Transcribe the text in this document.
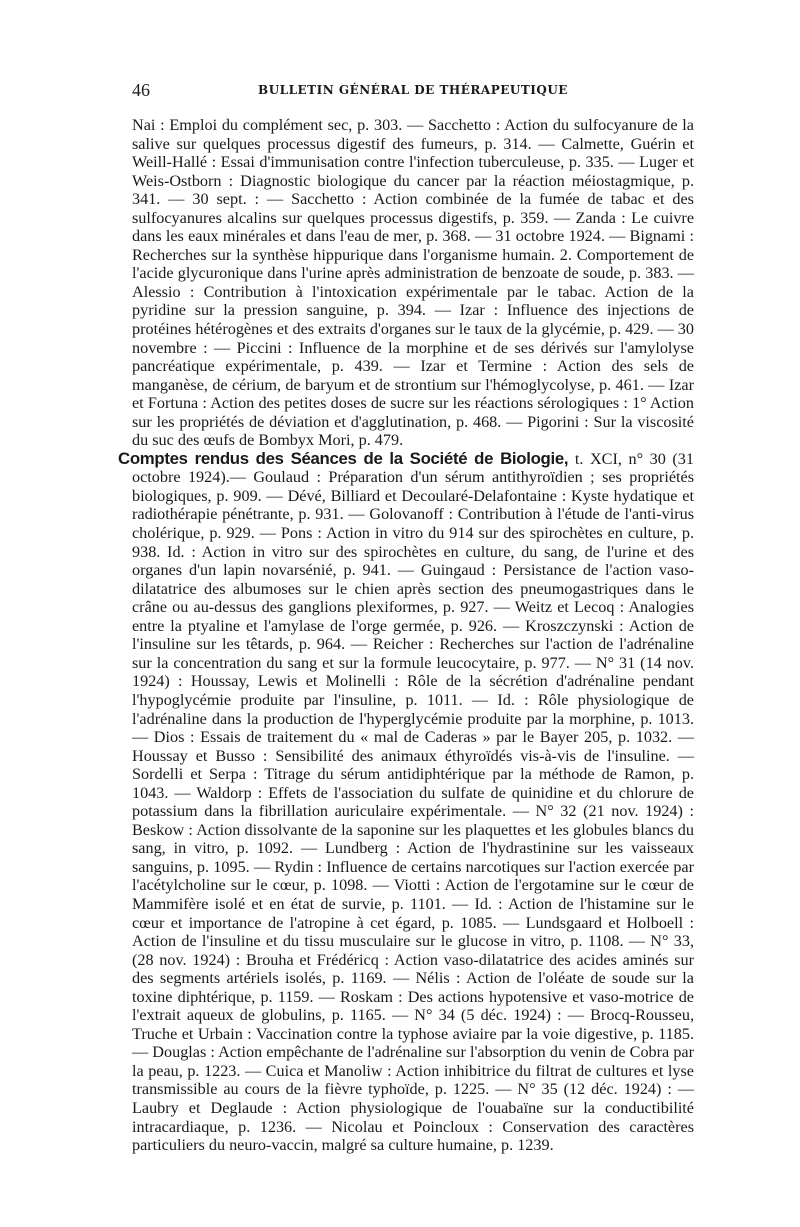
46	BULLETIN GÉNÉRAL DE THÉRAPEUTIQUE

Nai : Emploi du complément sec, p. 303. — Sacchetto : Action du sulfocyanure de la salive sur quelques processus digestif des fumeurs, p. 314. — Calmette, Guérin et Weill-Hallé : Essai d'immunisation contre l'infection tuberculeuse, p. 335. — Luger et Weis-Ostborn : Diagnostic biologique du cancer par la réaction méiostagmique, p. 341. — 30 sept. : — Sacchetto : Action combinée de la fumée de tabac et des sulfocyanures alcalins sur quelques processus digestifs, p. 359. — Zanda : Le cuivre dans les eaux minérales et dans l'eau de mer, p. 368. — 31 octobre 1924. — Bignami : Recherches sur la synthèse hippurique dans l'organisme humain. 2. Comportement de l'acide glycuronique dans l'urine après administration de benzoate de soude, p. 383. — Alessio : Contribution à l'intoxication expérimentale par le tabac. Action de la pyridine sur la pression sanguine, p. 394. — Izar : Influence des injections de protéines hétérogènes et des extraits d'organes sur le taux de la glycémie, p. 429. — 30 novembre : — Piccini : Influence de la morphine et de ses dérivés sur l'amylolyse pancréatique expérimentale, p. 439. — Izar et Termine : Action des sels de manganèse, de cérium, de baryum et de strontium sur l'hémoglycolyse, p. 461. — Izar et Fortuna : Action des petites doses de sucre sur les réactions sérologiques : 1° Action sur les propriétés de déviation et d'agglutination, p. 468. — Pigorini : Sur la viscosité du suc des œufs de Bombyx Mori, p. 479.

Comptes rendus des Séances de la Société de Biologie, t. XCI, n° 30 (31 octobre 1924).— Goulaud : Préparation d'un sérum antithyroïdien ; ses propriétés biologiques, p. 909. — Dévé, Billiard et Decoularé-Delafontaine : Kyste hydatique et radiothérapie pénétrante, p. 931. — Golovanoff : Contribution à l'étude de l'anti-virus cholérique, p. 929. — Pons : Action in vitro du 914 sur des spirochètes en culture, p. 938. Id. : Action in vitro sur des spirochètes en culture, du sang, de l'urine et des organes d'un lapin novarsénié, p. 941. — Guingaud : Persistance de l'action vaso-dilatatrice des albumoses sur le chien après section des pneumogastriques dans le crâne ou au-dessus des ganglions plexiformes, p. 927. — Weitz et Lecoq : Analogies entre la ptyaline et l'amylase de l'orge germée, p. 926. — Kroszczynski : Action de l'insuline sur les têtards, p. 964. — Reicher : Recherches sur l'action de l'adrénaline sur la concentration du sang et sur la formule leucocytaire, p. 977. — N° 31 (14 nov. 1924) : Houssay, Lewis et Molinelli : Rôle de la sécrétion d'adrénaline pendant l'hypoglycémie produite par l'insuline, p. 1011. — Id. : Rôle physiologique de l'adrénaline dans la production de l'hyperglycémie produite par la morphine, p. 1013. — Dios : Essais de traitement du « mal de Caderas » par le Bayer 205, p. 1032. — Houssay et Busso : Sensibilité des animaux éthyroïdés vis-à-vis de l'insuline. — Sordelli et Serpa : Titrage du sérum antidiphtérique par la méthode de Ramon, p. 1043. — Waldorp : Effets de l'association du sulfate de quinidine et du chlorure de potassium dans la fibrillation auriculaire expérimentale. — N° 32 (21 nov. 1924) : Beskow : Action dissolvante de la saponine sur les plaquettes et les globules blancs du sang, in vitro, p. 1092. — Lundberg : Action de l'hydrastinine sur les vaisseaux sanguins, p. 1095. — Rydin : Influence de certains narcotiques sur l'action exercée par l'acétylcholine sur le cœur, p. 1098. — Viotti : Action de l'ergotamine sur le cœur de Mammifère isolé et en état de survie, p. 1101. — Id. : Action de l'histamine sur le cœur et importance de l'atropine à cet égard, p. 1085. — Lundsgaard et Holboell : Action de l'insuline et du tissu musculaire sur le glucose in vitro, p. 1108. — N° 33, (28 nov. 1924) : Brouha et Frédéricq : Action vaso-dilatatrice des acides aminés sur des segments artériels isolés, p. 1169. — Nélis : Action de l'oléate de soude sur la toxine diphtérique, p. 1159. — Roskam : Des actions hypotensive et vaso-motrice de l'extrait aqueux de globulins, p. 1165. — N° 34 (5 déc. 1924) : — Brocq-Rousseu, Truche et Urbain : Vaccination contre la typhose aviaire par la voie digestive, p. 1185. — Douglas : Action empêchante de l'adrénaline sur l'absorption du venin de Cobra par la peau, p. 1223. — Cuica et Manoliw : Action inhibitrice du filtrat de cultures et lyse transmissible au cours de la fièvre typhoïde, p. 1225. — N° 35 (12 déc. 1924) : — Laubry et Deglaude : Action physiologique de l'ouabaïne sur la conductibilité intracardiaque, p. 1236. — Nicolau et Poincloux : Conservation des caractères particuliers du neuro-vaccin, malgré sa culture humaine, p. 1239.
